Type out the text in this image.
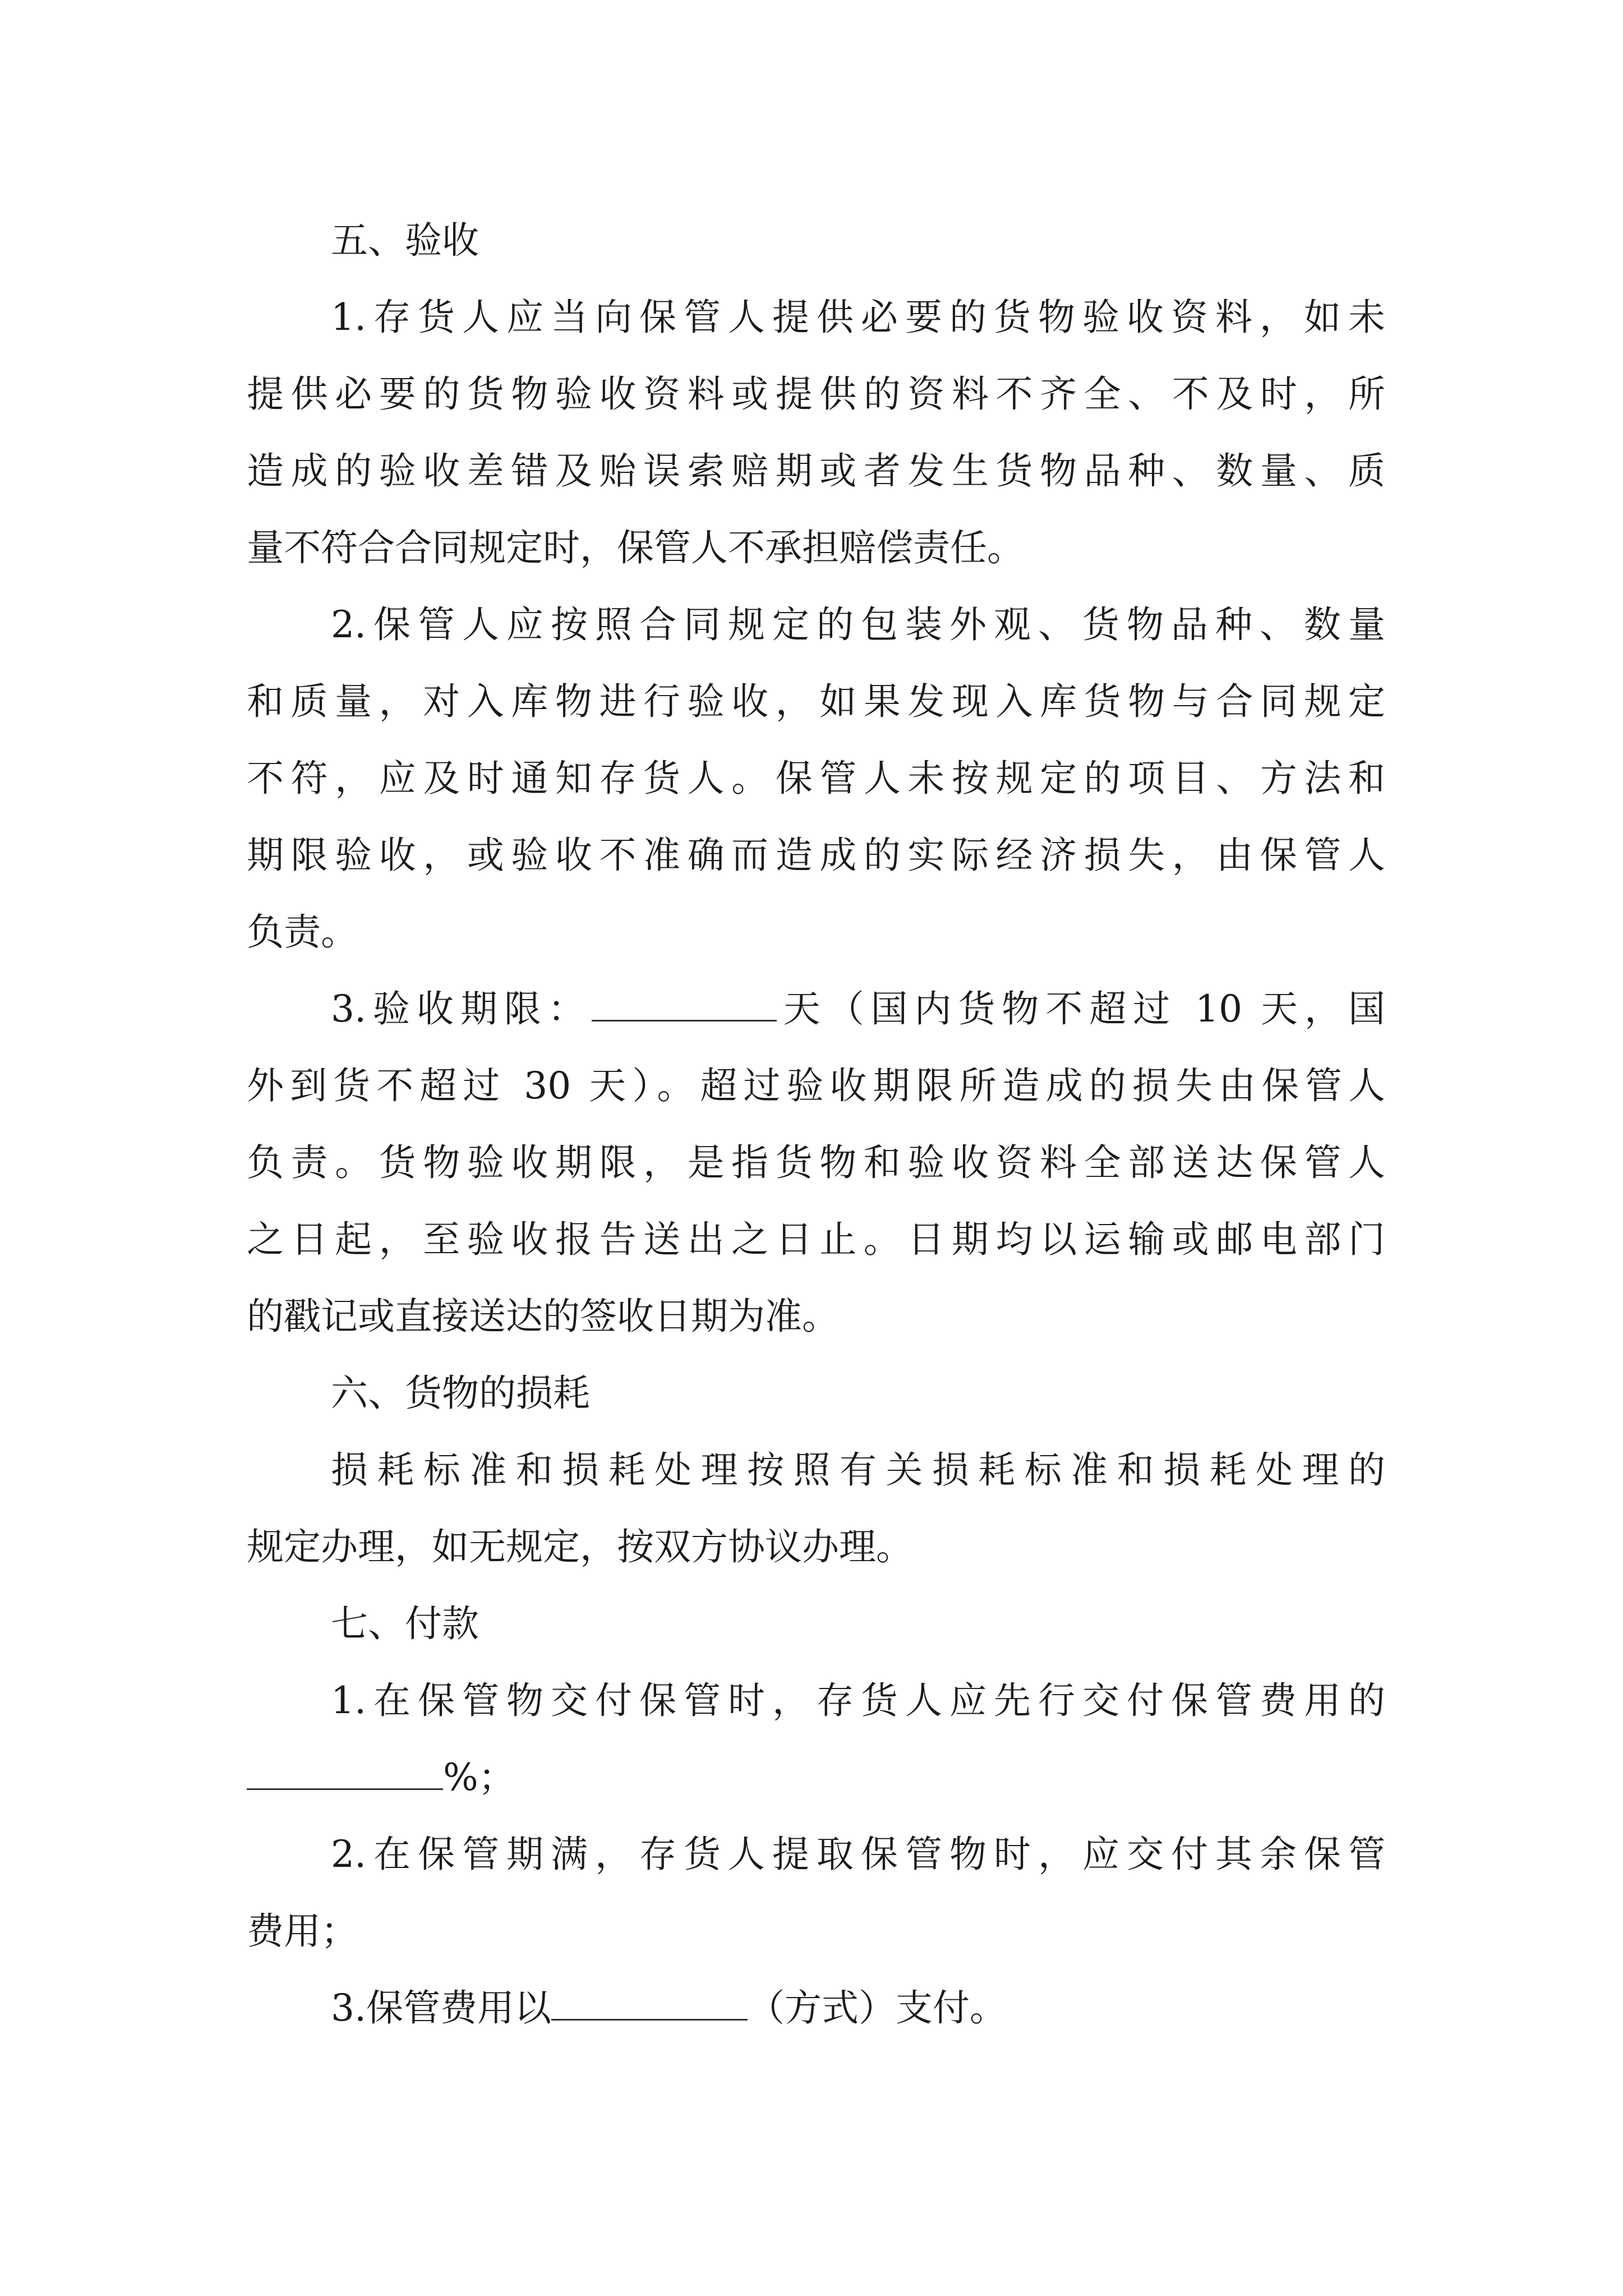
五、验收
1.存货人应当向保管人提供必要的货物验收资料，如未
提供必要的货物验收资料或提供的资料不齐全、不及时，所
造成的验收差错及贻误索赔期或者发生货物品种、数量、质
量不符合合同规定时，保管人不承担赔偿责任。
2.保管人应按照合同规定的包装外观、货物品种、数量
和质量，对入库物进行验收，如果发现入库货物与合同规定
不符，应及时通知存货人。保管人未按规定的项目、方法和
期限验收，或验收不准确而造成的实际经济损失，由保管人
负责。
3.验收期限：	天（国内货物不超过 10 天，国
外到货不超过 30 天）。超过验收期限所造成的损失由保管人
负责。货物验收期限，是指货物和验收资料全部送达保管人
之日起，至验收报告送出之日止。日期均以运输或邮电部门
的戳记或直接送达的签收日期为准。
六、货物的损耗
损耗标准和损耗处理按照有关损耗标准和损耗处理的
规定办理，如无规定，按双方协议办理。
七、付款
1.在保管物交付保管时，存货人应先行交付保管费用的
%；
2.在保管期满，存货人提取保管物时，应交付其余保管
费用；
3.保管费用以	（方式）支付。
